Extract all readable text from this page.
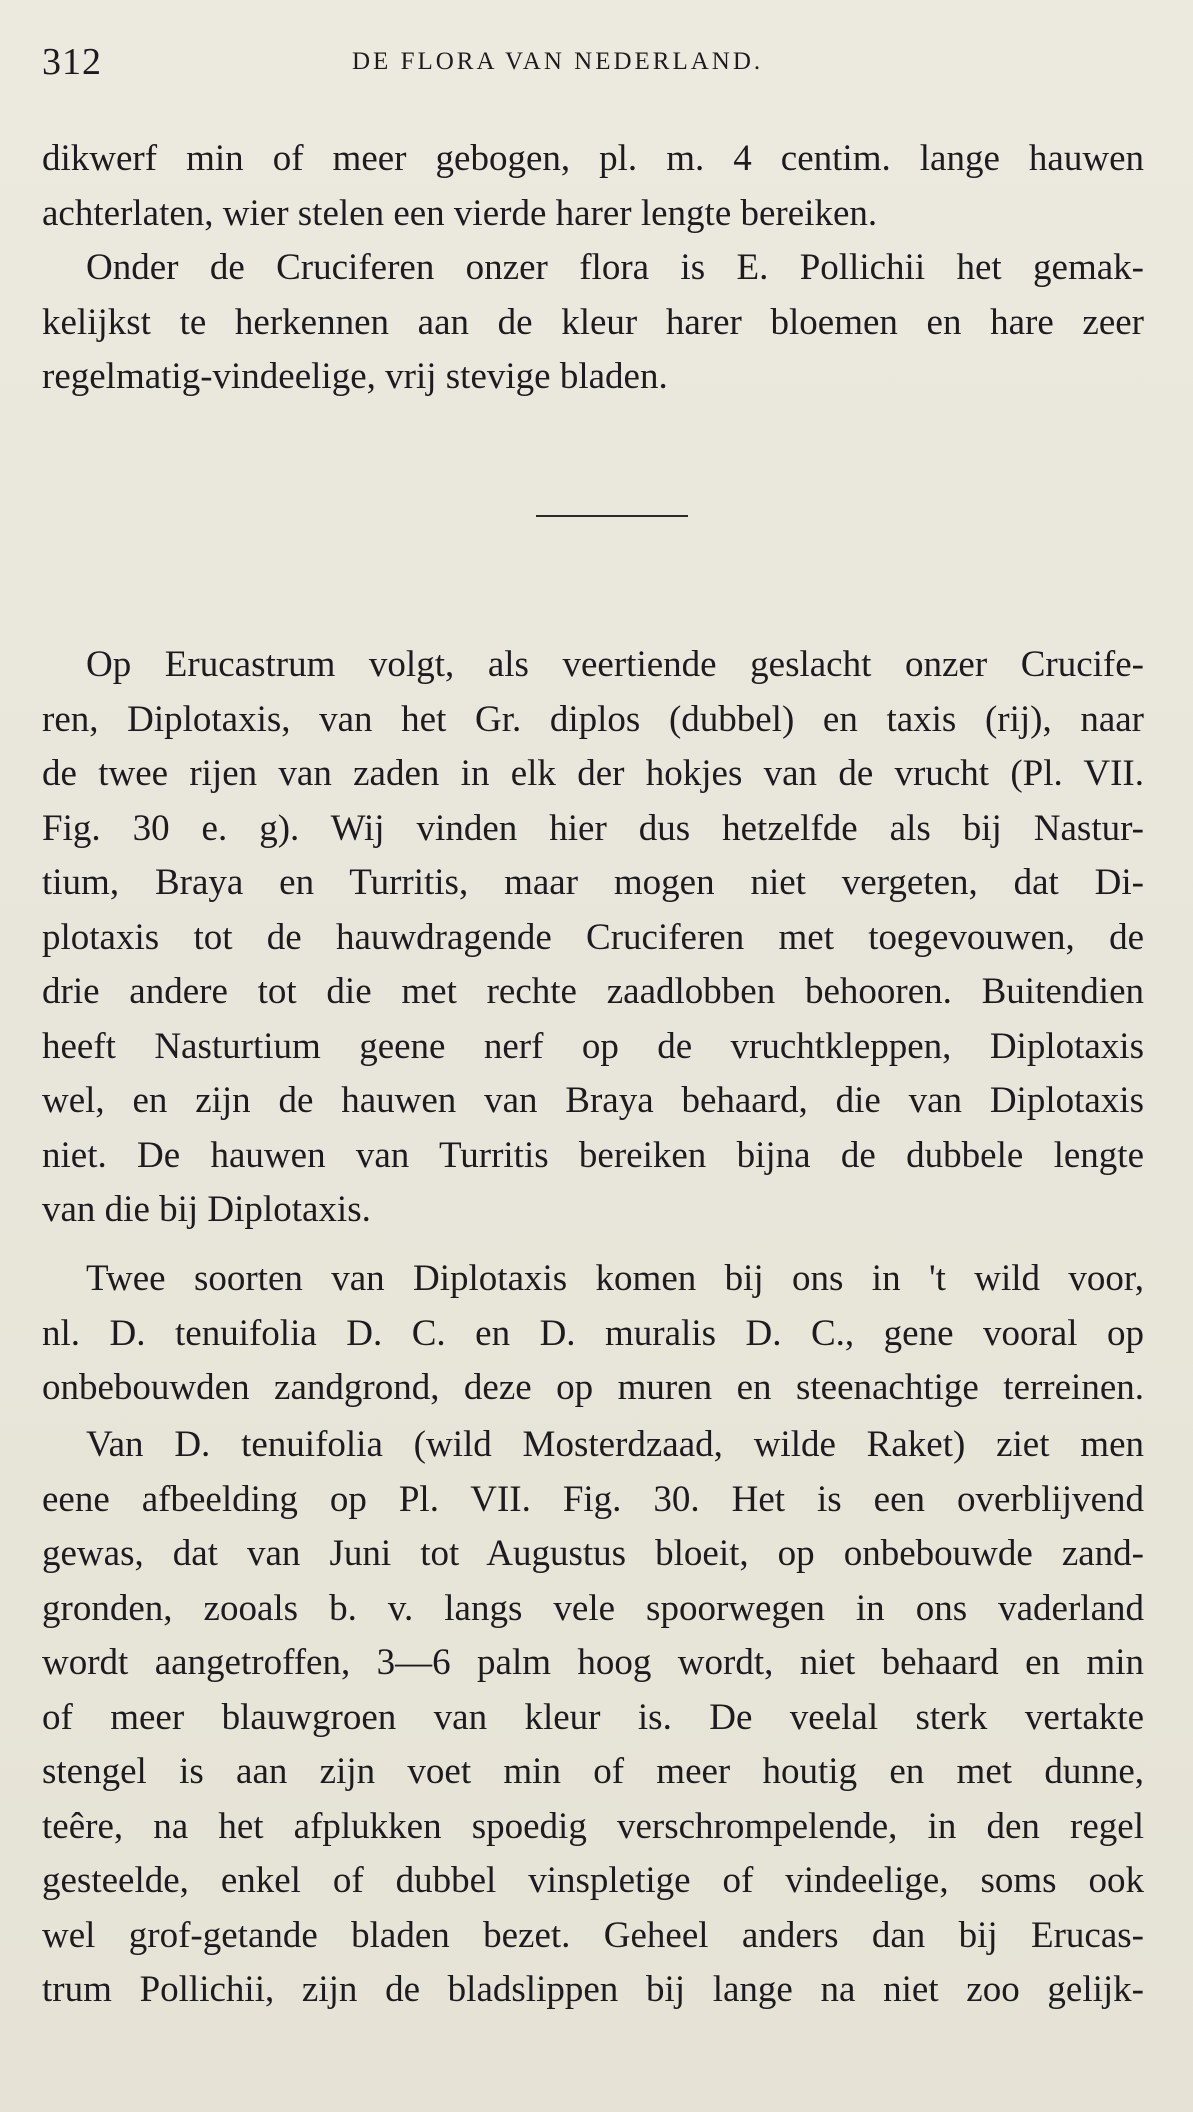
312	DE FLORA VAN NEDERLAND.

dikwerf min of meer gebogen, pl. m. 4 centim. lange hauwen
achterlaten, wier stelen een vierde harer lengte bereiken.

Onder de Cruciferen onzer flora is E. Pollichii het gemak-
kelijkst te herkennen aan de kleur harer bloemen en hare zeer
regelmatig-vindeelige, vrij stevige bladen.

Op Erucastrum volgt, als veertiende geslacht onzer Crucife-
ren, Diplotaxis, van het Gr. diplos (dubbel) en taxis (rij), naar
de twee rijen van zaden in elk der hokjes van de vrucht (Pl. VII.
Fig. 30 e. g). Wij vinden hier dus hetzelfde als bij Nastur-
tium, Braya en Turritis, maar mogen niet vergeten, dat Di-
plotaxis tot de hauwdragende Cruciferen met toegevouwen, de
drie andere tot die met rechte zaadlobben behooren. Buitendien
heeft Nasturtium geene nerf op de vruchtkleppen, Diplotaxis
wel, en zijn de hauwen van Braya behaard, die van Diplotaxis
niet. De hauwen van Turritis bereiken bijna de dubbele lengte
van die bij Diplotaxis.

Twee soorten van Diplotaxis komen bij ons in 't wild voor,
nl. D. tenuifolia D. C. en D. muralis D. C., gene vooral op
onbebouwden zandgrond, deze op muren en steenachtige terreinen.

Van D. tenuifolia (wild Mosterdzaad, wilde Raket) ziet men
eene afbeelding op Pl. VII. Fig. 30. Het is een overblijvend
gewas, dat van Juni tot Augustus bloeit, op onbebouwde zand-
gronden, zooals b. v. langs vele spoorwegen in ons vaderland
wordt aangetroffen, 3—6 palm hoog wordt, niet behaard en min
of meer blauwgroen van kleur is. De veelal sterk vertakte
stengel is aan zijn voet min of meer houtig en met dunne,
teêre, na het afplukken spoedig verschrompelende, in den regel
gesteelde, enkel of dubbel vinspletige of vindeelige, soms ook
wel grof-getande bladen bezet. Geheel anders dan bij Erucas-
trum Pollichii, zijn de bladslippen bij lange na niet zoo gelijk-
